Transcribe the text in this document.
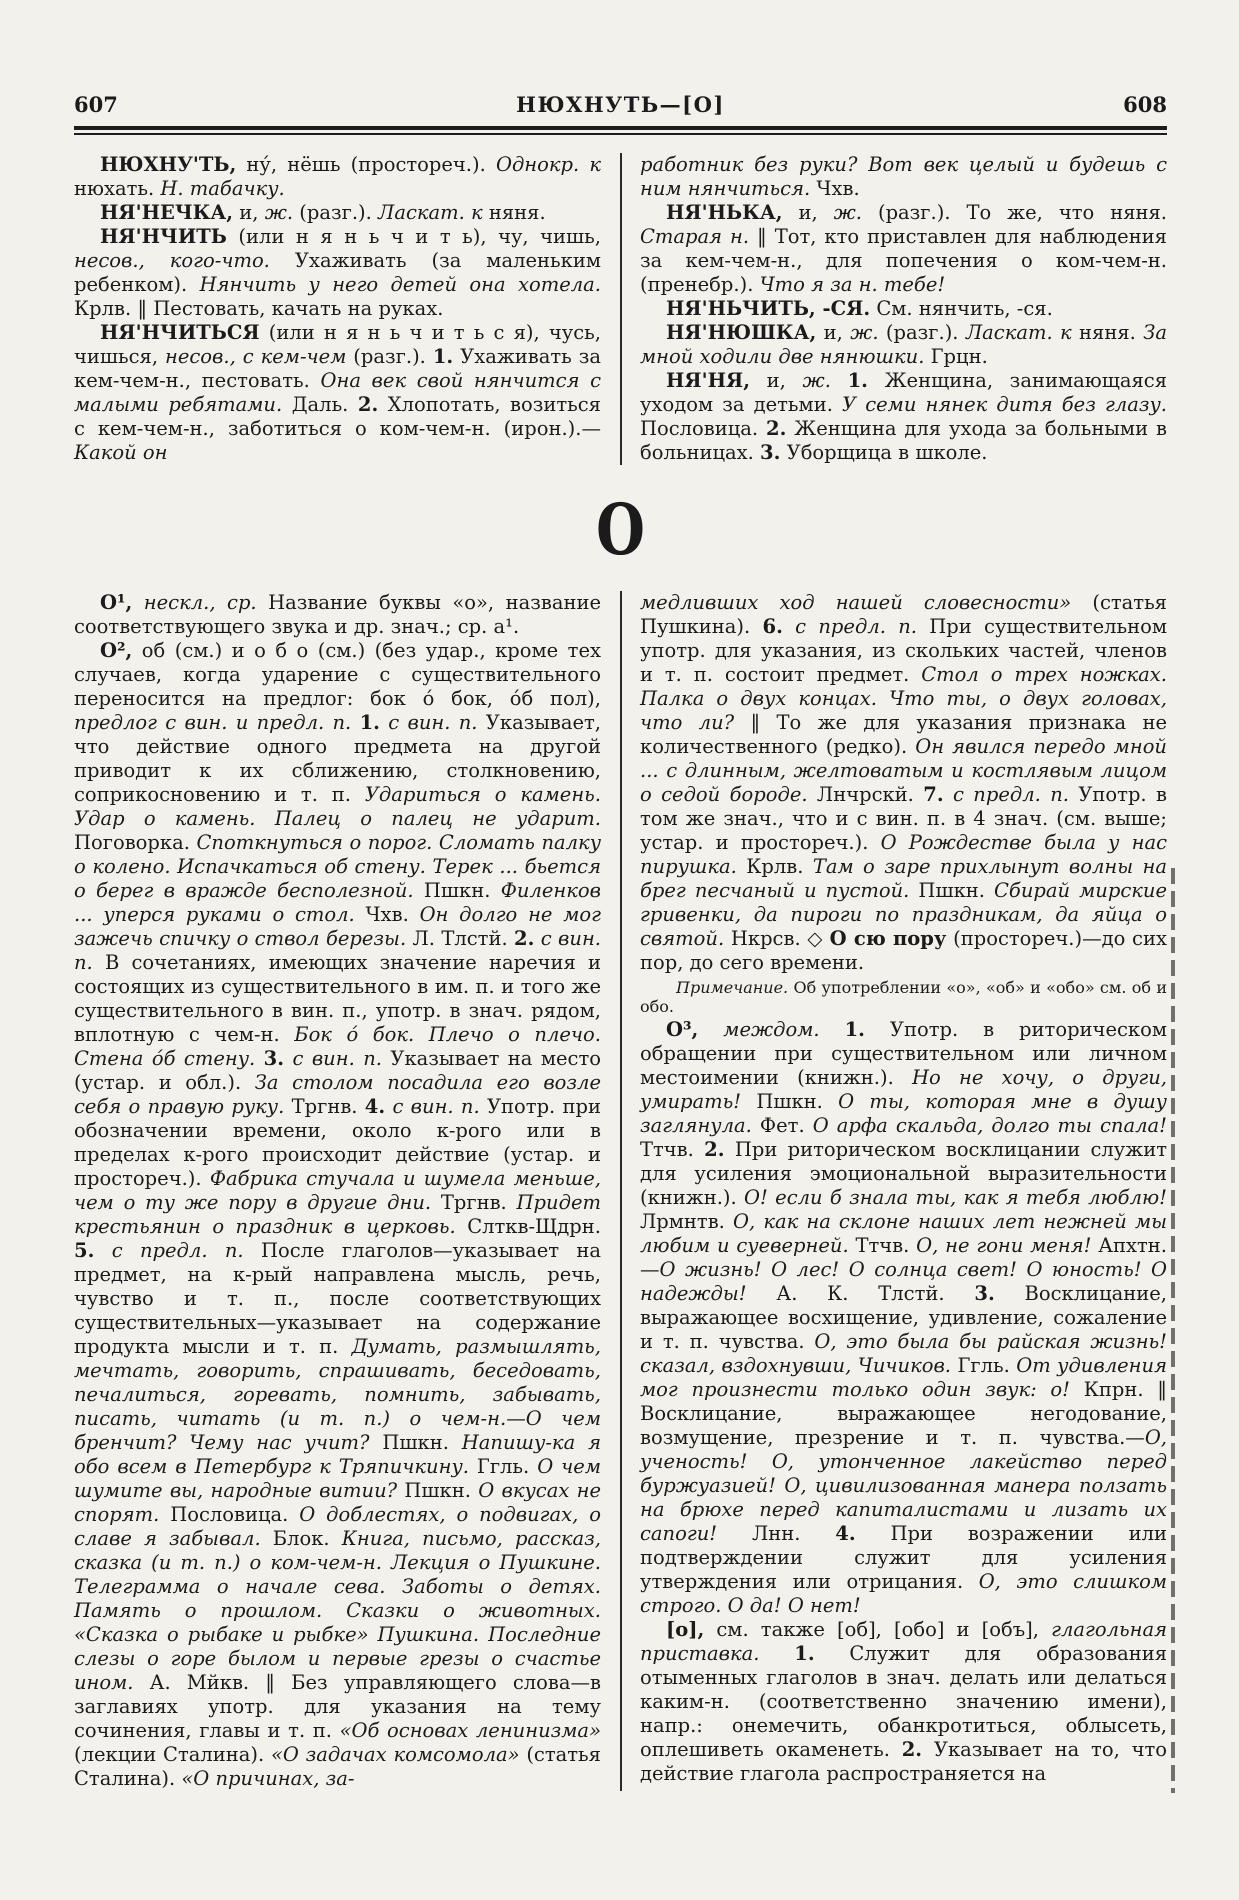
607	НЮХНУТЬ—[О]	608

НЮХНУ'ТЬ, ну́, нёшь (простореч.). Однокр. к нюхать. Н. табачку.

НЯ'НЕЧКА, и, ж. (разг.). Ласкат. к няня.

НЯ'НЧИТЬ (или н я н ь ч и т ь), чу, чишь, несов., кого-что. Ухаживать (за маленьким ребенком). Нянчить у него детей она хотела. Крлв. ‖ Пестовать, качать на руках.

НЯ'НЧИТЬСЯ (или н я н ь ч и т ь с я), чусь, чишься, несов., с кем-чем (разг.). 1. Ухаживать за кем-чем-н., пестовать. Она век свой нянчится с малыми ребятами. Даль. 2. Хлопотать, возиться с кем-чем-н., заботиться о ком-чем-н. (ирон.).—Какой он

работник без руки? Вот век целый и будешь с ним нянчиться. Чхв.

НЯ'НЬКА, и, ж. (разг.). То же, что няня. Старая н. ‖ Тот, кто приставлен для наблюдения за кем-чем-н., для попечения о ком-чем-н. (пренебр.). Что я за н. тебе!

НЯ'НЬЧИТЬ, -СЯ. См. нянчить, -ся.

НЯ'НЮШКА, и, ж. (разг.). Ласкат. к няня. За мной ходили две нянюшки. Грцн.

НЯ'НЯ, и, ж. 1. Женщина, занимающаяся уходом за детьми. У семи нянек дитя без глазу. Пословица. 2. Женщина для ухода за больными в больницах. 3. Уборщица в школе.

О

О¹, нескл., ср. Название буквы «о», название соответствующего звука и др. знач.; ср. а¹.

О², об (см.) и о б о (см.) (без удар., кроме тех случаев, когда ударение с существительного переносится на предлог: бок о́ бок, о́б пол), предлог с вин. и предл. п. 1. с вин. п. Указывает, что действие одного предмета на другой приводит к их сближению, столкновению, соприкосновению и т. п. Удариться о камень. Удар о камень. Палец о палец не ударит. Поговорка. Споткнуться о порог. Сломать палку о колено. Испачкаться об стену. Терек ... бьется о берег в вражде бесполезной. Пшкн. Филенков ... уперся руками о стол. Чхв. Он долго не мог зажечь спичку о ствол березы. Л. Тлстй. 2. с вин. п. В сочетаниях, имеющих значение наречия и состоящих из существительного в им. п. и того же существительного в вин. п., употр. в знач. рядом, вплотную с чем-н. Бок о́ бок. Плечо о плечо. Стена о́б стену. 3. с вин. п. Указывает на место (устар. и обл.). За столом посадила его возле себя о правую руку. Тргнв. 4. с вин. п. Употр. при обозначении времени, около к-рого или в пределах к-рого происходит действие (устар. и простореч.). Фабрика стучала и шумела меньше, чем о ту же пору в другие дни. Тргнв. Придет крестьянин о праздник в церковь. Слткв-Щдрн. 5. с предл. п. После глаголов—указывает на предмет, на к-рый направлена мысль, речь, чувство и т. п., после соответствующих существительных—указывает на содержание продукта мысли и т. п. Думать, размышлять, мечтать, говорить, спрашивать, беседовать, печалиться, горевать, помнить, забывать, писать, читать (и т. п.) о чем-н.—О чем бренчит? Чему нас учит? Пшкн. Напишу-ка я обо всем в Петербург к Тряпичкину. Ггль. О чем шумите вы, народные витии? Пшкн. О вкусах не спорят. Пословица. О доблестях, о подвигах, о славе я забывал. Блок. Книга, письмо, рассказ, сказка (и т. п.) о ком-чем-н. Лекция о Пушкине. Телеграмма о начале сева. Заботы о детях. Память о прошлом. Сказки о животных. «Сказка о рыбаке и рыбке» Пушкина. Последние слезы о горе былом и первые грезы о счастье ином. А. Мйкв. ‖ Без управляющего слова—в заглавиях употр. для указания на тему сочинения, главы и т. п. «Об основах ленинизма» (лекции Сталина). «О задачах комсомола» (статья Сталина). «О причинах, за-

медливших ход нашей словесности» (статья Пушкина). 6. с предл. п. При существительном употр. для указания, из скольких частей, членов и т. п. состоит предмет. Стол о трех ножках. Палка о двух концах. Что ты, о двух головах, что ли? ‖ То же для указания признака не количественного (редко). Он явился передо мной ... с длинным, желтоватым и костлявым лицом о седой бороде. Лнчрскй. 7. с предл. п. Употр. в том же знач., что и с вин. п. в 4 знач. (см. выше; устар. и простореч.). О Рождестве была у нас пирушка. Крлв. Там о заре прихлынут волны на брег песчаный и пустой. Пшкн. Сбирай мирские гривенки, да пироги по праздникам, да яйца о святой. Нкрсв. ◇ О сю пору (простореч.)—до сих пор, до сего времени.

Примечание. Об употреблении «о», «об» и «обо» см. об и обо.

О³, междом. 1. Употр. в риторическом обращении при существительном или личном местоимении (книжн.). Но не хочу, о други, умирать! Пшкн. О ты, которая мне в душу заглянула. Фет. О арфа скальда, долго ты спала! Ттчв. 2. При риторическом восклицании служит для усиления эмоциональной выразительности (книжн.). О! если б знала ты, как я тебя люблю! Лрмнтв. О, как на склоне наших лет нежней мы любим и суеверней. Ттчв. О, не гони меня! Апхтн.—О жизнь! О лес! О солнца свет! О юность! О надежды! А. К. Тлстй. 3. Восклицание, выражающее восхищение, удивление, сожаление и т. п. чувства. О, это была бы райская жизнь! сказал, вздохнувши, Чичиков. Ггль. От удивления мог произнести только один звук: о! Кпрн. ‖ Восклицание, выражающее негодование, возмущение, презрение и т. п. чувства.—О, ученость! О, утонченное лакейство перед буржуазией! О, цивилизованная манера ползать на брюхе перед капиталистами и лизать их сапоги! Лнн. 4. При возражении или подтверждении служит для усиления утверждения или отрицания. О, это слишком строго. О да! О нет!

[о], см. также [об], [обо] и [объ], глагольная приставка. 1. Служит для образования отыменных глаголов в знач. делать или делаться каким-н. (соответственно значению имени), напр.: онемечить, обанкротиться, облысеть, оплешиветь окаменеть. 2. Указывает на то, что действие глагола распространяется на
